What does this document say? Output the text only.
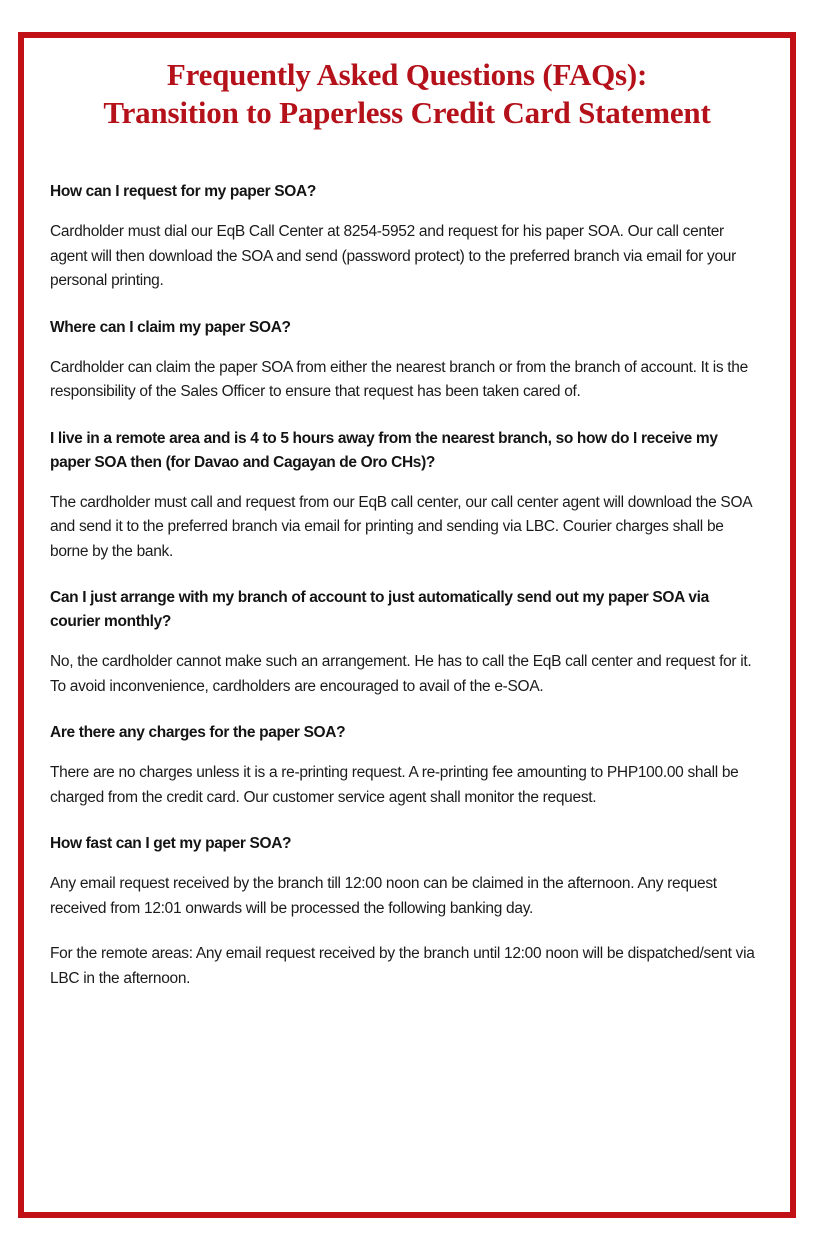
Frequently Asked Questions (FAQs):
Transition to Paperless Credit Card Statement

How can I request for my paper SOA?

Cardholder must dial our EqB Call Center at 8254-5952 and request for his paper SOA. Our call center agent will then download the SOA and send (password protect) to the preferred branch via email for your personal printing.

Where can I claim my paper SOA?

Cardholder can claim the paper SOA from either the nearest branch or from the branch of account. It is the responsibility of the Sales Officer to ensure that request has been taken cared of.

I live in a remote area and is 4 to 5 hours away from the nearest branch, so how do I receive my paper SOA then (for Davao and Cagayan de Oro CHs)?

The cardholder must call and request from our EqB call center, our call center agent will download the SOA and send it to the preferred branch via email for printing and sending via LBC. Courier charges shall be borne by the bank.

Can I just arrange with my branch of account to just automatically send out my paper SOA via courier monthly?

No, the cardholder cannot make such an arrangement. He has to call the EqB call center and request for it. To avoid inconvenience, cardholders are encouraged to avail of the e-SOA.

Are there any charges for the paper SOA?

There are no charges unless it is a re-printing request. A re-printing fee amounting to PHP100.00 shall be charged from the credit card. Our customer service agent shall monitor the request.

How fast can I get my paper SOA?

Any email request received by the branch till 12:00 noon can be claimed in the afternoon. Any request received from 12:01 onwards will be processed the following banking day.

For the remote areas: Any email request received by the branch until 12:00 noon will be dispatched/sent via LBC in the afternoon.
